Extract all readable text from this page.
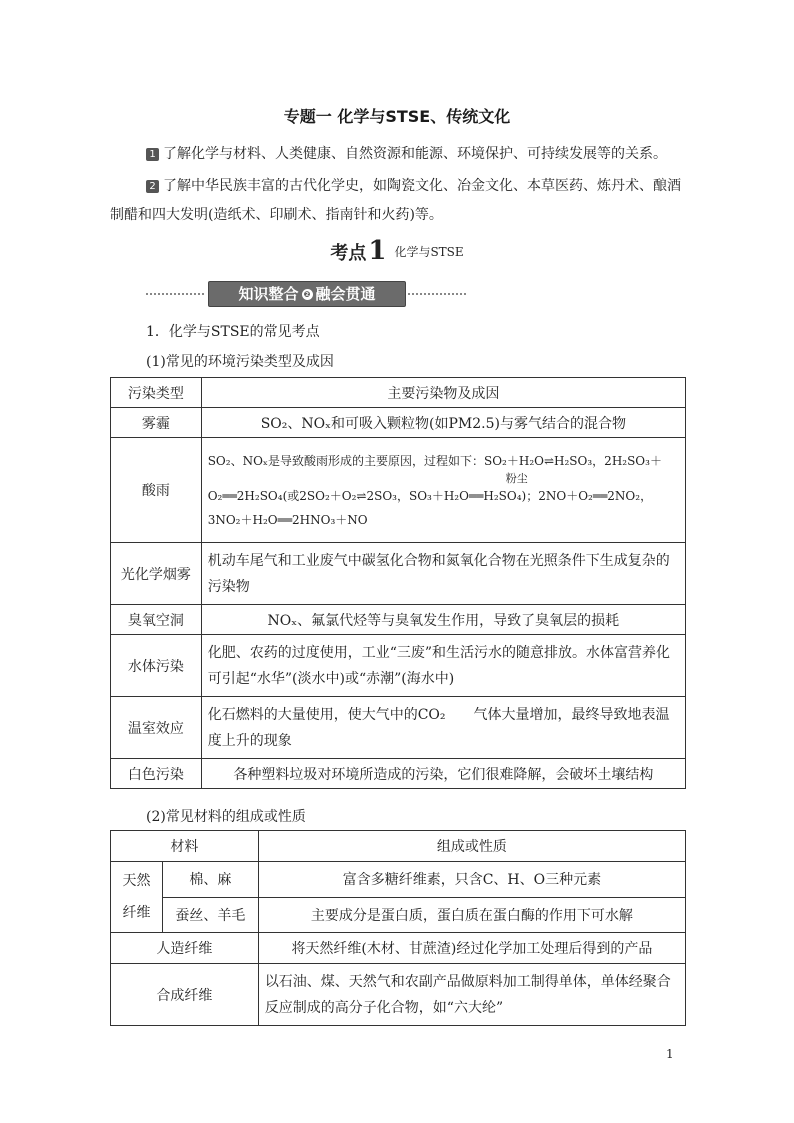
专题一 化学与STSE、传统文化

1 了解化学与材料、人类健康、自然资源和能源、环境保护、可持续发展等的关系。

2 了解中华民族丰富的古代化学史，如陶瓷文化、冶金文化、本草医药、炼丹术、酿酒制醋和四大发明(造纸术、印刷术、指南针和火药)等。

考点1 化学与STSE
知识整合 ❷ 融会贯通
1．化学与STSE的常见考点
(1)常见的环境污染类型及成因
污染类型	主要污染物及成因
雾霾	SO₂、NOₓ和可吸入颗粒物(如PM2.5)与雾气结合的混合物
酸雨	SO₂、NOₓ是导致酸雨形成的主要原因，过程如下：SO₂＋H₂O⇌H₂SO₃，2H₂SO₃＋
粉尘
O₂══2H₂SO₄(或2SO₂＋O₂⇌2SO₃，SO₃＋H₂O══H₂SO₄)；2NO＋O₂══2NO₂，
3NO₂＋H₂O══2HNO₃＋NO

光化学烟雾	机动车尾气和工业废气中碳氢化合物和氮氧化合物在光照条件下生成复杂的污染物
臭氧空洞	NOₓ、氟氯代烃等与臭氧发生作用，导致了臭氧层的损耗
水体污染	化肥、农药的过度使用，工业“三废”和生活污水的随意排放。水体富营养化可引起“水华”(淡水中)或“赤潮”(海水中)
温室效应	化石燃料的大量使用，使大气中的CO₂　　气体大量增加，最终导致地表温度上升的现象
白色污染	各种塑料垃圾对环境所造成的污染，它们很难降解，会破坏土壤结构
(2)常见材料的组成或性质
材料		组成或性质

天然
纤维	棉、麻	富含多糖纤维素，只含C、H、O三种元素
	蚕丝、羊毛	主要成分是蛋白质，蛋白质在蛋白酶的作用下可水解
人造纤维		将天然纤维(木材、甘蔗渣)经过化学加工处理后得到的产品
合成纤维		以石油、煤、天然气和农副产品做原料加工制得单体，单体经聚合反应制成的高分子化合物，如“六大纶”
1
